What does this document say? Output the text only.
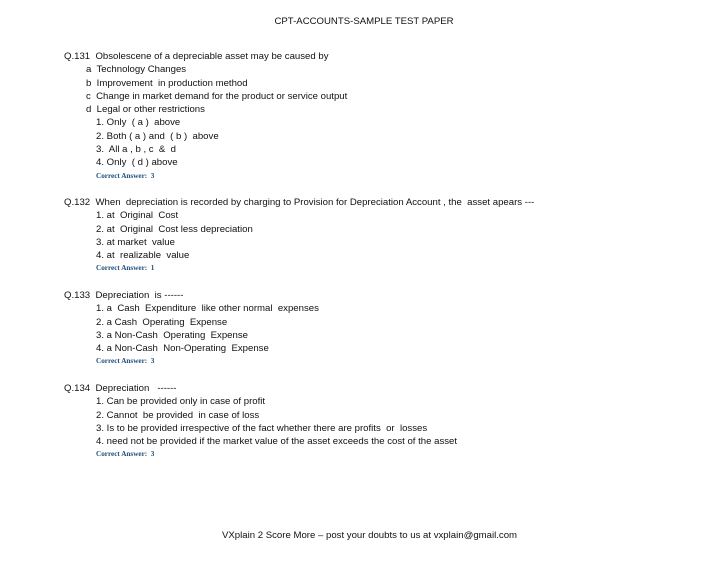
CPT-ACCOUNTS-SAMPLE TEST PAPER
Q.131  Obsolescene of a depreciable asset may be caused by
a  Technology Changes
b  Improvement  in production method
c  Change in market demand for the product or service output
d  Legal or other restrictions
1. Only  ( a )  above
2. Both ( a ) and  ( b )  above
3.  All a , b , c  &  d
4. Only  ( d ) above
Correct Answer:  3
Q.132  When  depreciation is recorded by charging to Provision for Depreciation Account , the  asset apears ---
1. at  Original  Cost
2. at  Original  Cost less depreciation
3. at market  value
4. at  realizable  value
Correct Answer:  1
Q.133  Depreciation  is ------
1. a  Cash  Expenditure  like other normal  expenses
2. a Cash  Operating  Expense
3. a Non-Cash  Operating  Expense
4. a Non-Cash  Non-Operating  Expense
Correct Answer:  3
Q.134  Depreciation   ------
1. Can be provided only in case of profit
2. Cannot  be provided  in case of loss
3. Is to be provided irrespective of the fact whether there are profits  or  losses
4. need not be provided if the market value of the asset exceeds the cost of the asset
Correct Answer:  3
VXplain 2 Score More – post your doubts to us at vxplain@gmail.com
